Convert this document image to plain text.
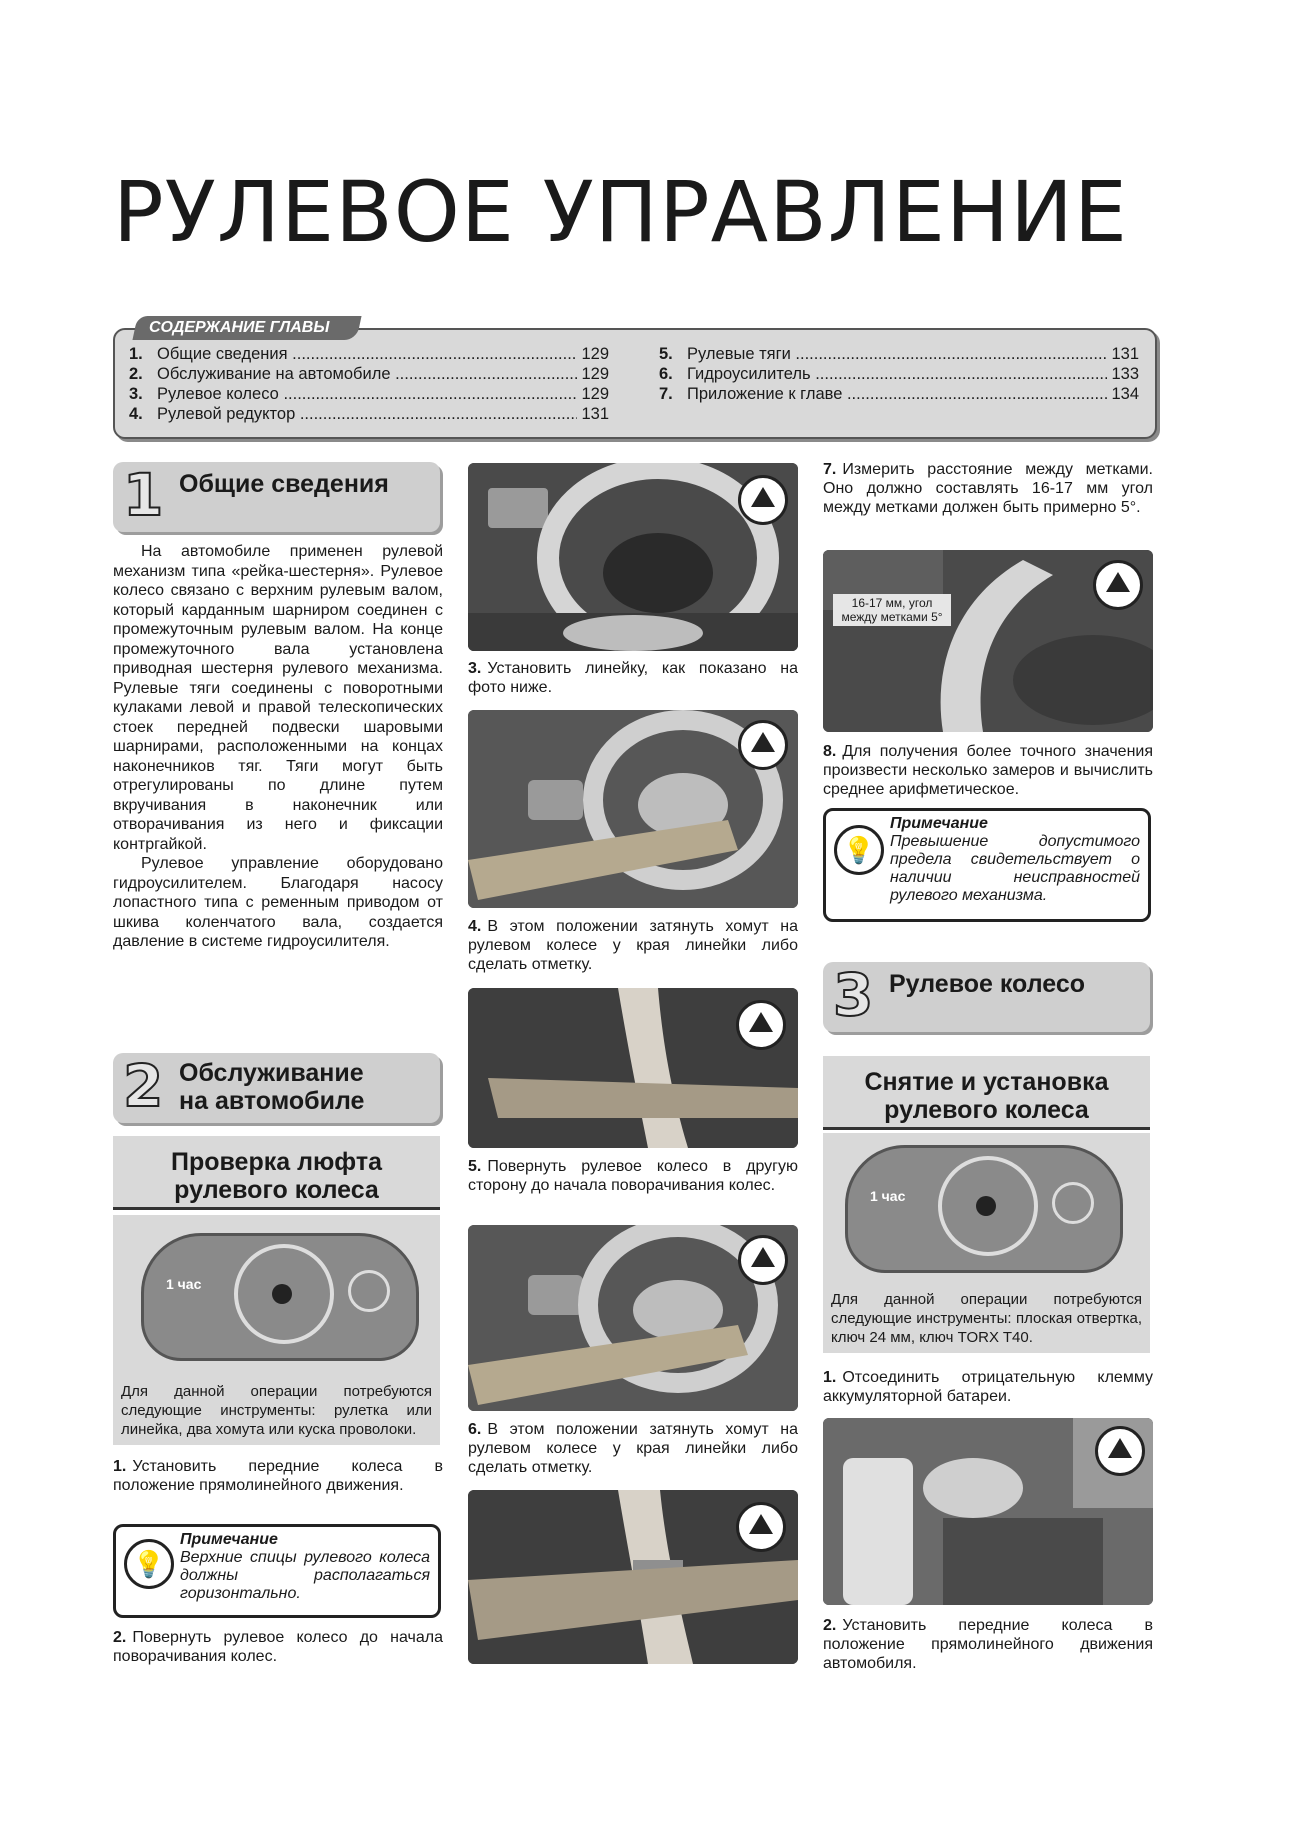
РУЛЕВОЕ УПРАВЛЕНИЕ
СОДЕРЖАНИЕ ГЛАВЫ
1. Общие сведения .....	129
2. Обслуживание на автомобиле .....	129
3. Рулевое колесо .....	129
4. Рулевой редуктор .....	131
5. Рулевые тяги .....	131
6. Гидроусилитель .....	133
7. Приложение к главе .....	134
1 Общие сведения

На автомобиле применен рулевой механизм типа «рейка-шестерня». Рулевое колесо связано с верхним рулевым валом, который карданным шарниром соединен с промежуточным рулевым валом. На конце промежуточного вала установлена приводная шестерня рулевого механизма. Рулевые тяги соединены с поворотными кулаками левой и правой телескопических стоек передней подвески шаровыми шарнирами, расположенными на концах наконечников тяг. Тяги могут быть отрегулированы по длине путем вкручивания в наконечник или отворачивания из него и фиксации контргайкой.

Рулевое управление оборудовано гидроусилителем. Благодаря насосу лопастного типа с ременным приводом от шкива коленчатого вала, создается давление в системе гидроусилителя.

2 Обслуживание
на автомобиле
Проверка люфта
рулевого колеса
1 час
Для данной операции потребуются следующие инструменты: рулетка или линейка, два хомута или куска проволоки.
1. Установить передние колеса в положение прямолинейного движения.
💡
Примечание
Верхние спицы рулевого колеса должны располагаться горизонтально.
2. Повернуть рулевое колесо до начала поворачивания колес.
3. Установить линейку, как показано на фото ниже.
4. В этом положении затянуть хомут на рулевом колесе у края линейки либо сделать отметку.
5. Повернуть рулевое колесо в другую сторону до начала поворачивания колес.
6. В этом положении затянуть хомут на рулевом колесе у края линейки либо сделать отметку.
7. Измерить расстояние между метками. Оно должно составлять 16-17 мм угол между метками должен быть примерно 5°.
16-17 мм, угол между метками 5°
8. Для получения более точного значения произвести несколько замеров и вычислить среднее арифметическое.
💡
Примечание
Превышение допустимого предела свидетельствует о наличии неисправностей рулевого механизма.
3 Рулевое колесо
Снятие и установка
рулевого колеса
1 час
Для данной операции потребуются следующие инструменты: плоская отвертка, ключ 24 мм, ключ TORX T40.
1. Отсоединить отрицательную клемму аккумуляторной батареи.
2. Установить передние колеса в положение прямолинейного движения автомобиля.
